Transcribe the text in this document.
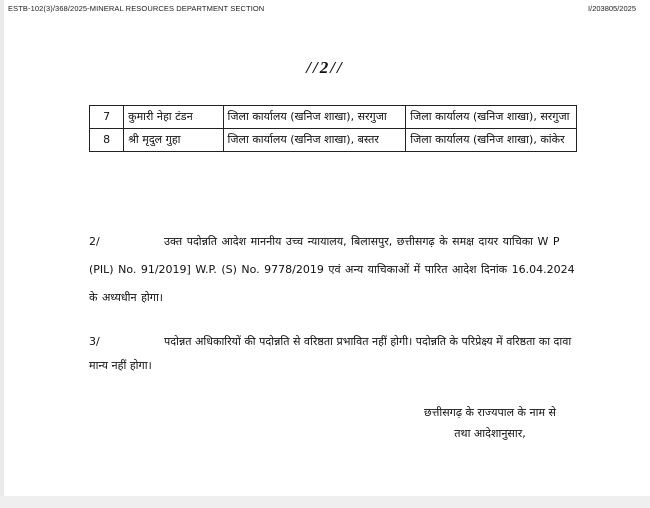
ESTB-102(3)/368/2025-MINERAL RESOURCES DEPARTMENT SECTION	I/203805/2025
//2//
7	कुमारी नेहा टंडन	जिला कार्यालय (खनिज शाखा), सरगुजा	जिला कार्यालय (खनिज शाखा), सरगुजा
8	श्री मृदुल गुहा	जिला कार्यालय (खनिज शाखा), बस्तर	जिला कार्यालय (खनिज शाखा), कांकेर
2/	उक्त पदोन्नति आदेश माननीय उच्च न्यायालय, बिलासपुर, छत्तीसगढ़ के समक्ष दायर याचिका W P (PIL) No. 91/2019] W.P. (S) No. 9778/2019 एवं अन्य याचिकाओं में पारित आदेश दिनांक 16.04.2024 के अध्यधीन होगा।
3/	पदोन्नत अधिकारियों की पदोन्नति से वरिष्ठता प्रभावित नहीं होगी। पदोन्नति के परिप्रेक्ष्य में वरिष्ठता का दावा मान्य नहीं होगा।
छत्तीसगढ़ के राज्यपाल के नाम से
तथा आदेशानुसार,
